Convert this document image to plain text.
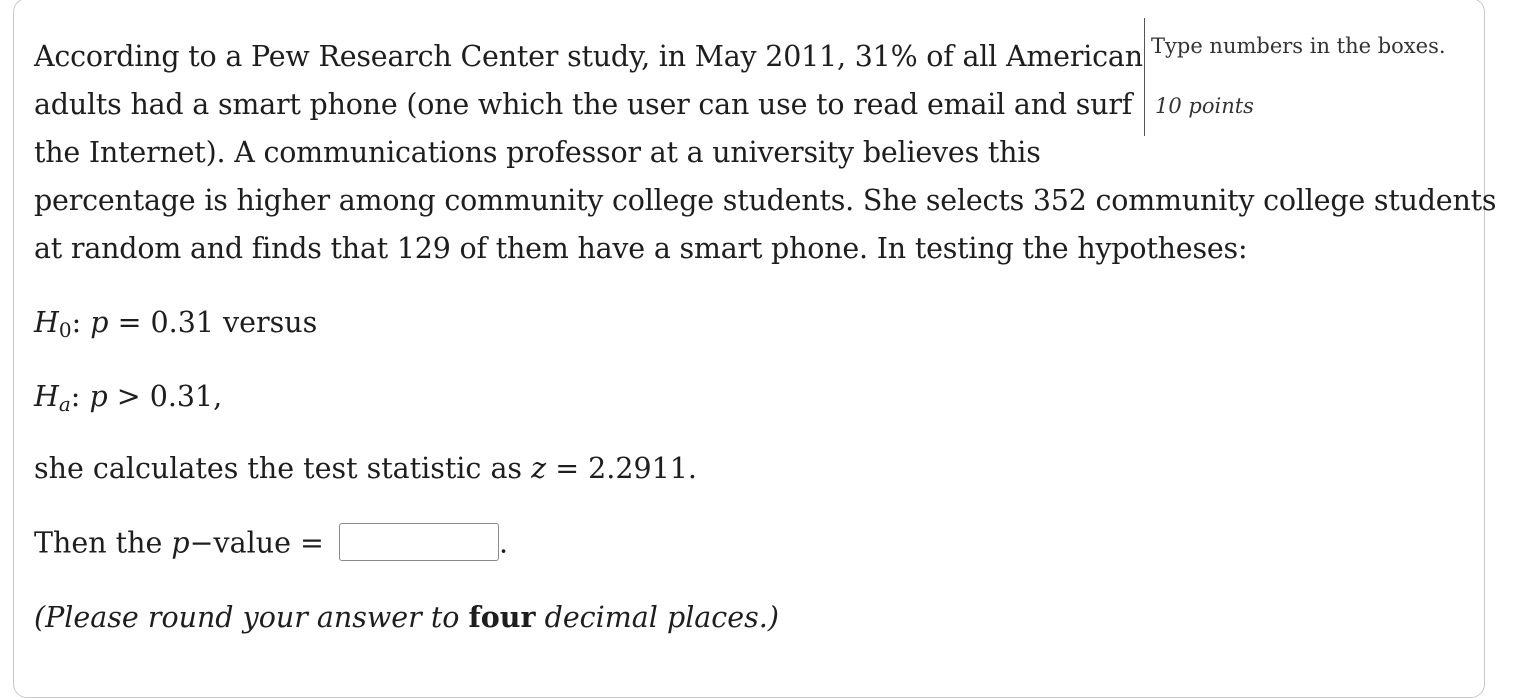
Type numbers in the boxes.
10 points
According to a Pew Research Center study, in May 2011, 31% of all American
adults had a smart phone (one which the user can use to read email and surf
the Internet). A communications professor at a university believes this
percentage is higher among community college students. She selects 352 community college students
at random and finds that 129 of them have a smart phone. In testing the hypotheses:
H0: p = 0.31 versus
Ha: p > 0.31,
she calculates the test statistic as z = 2.2911.
Then the p−value =	.
(Please round your answer to four decimal places.)
